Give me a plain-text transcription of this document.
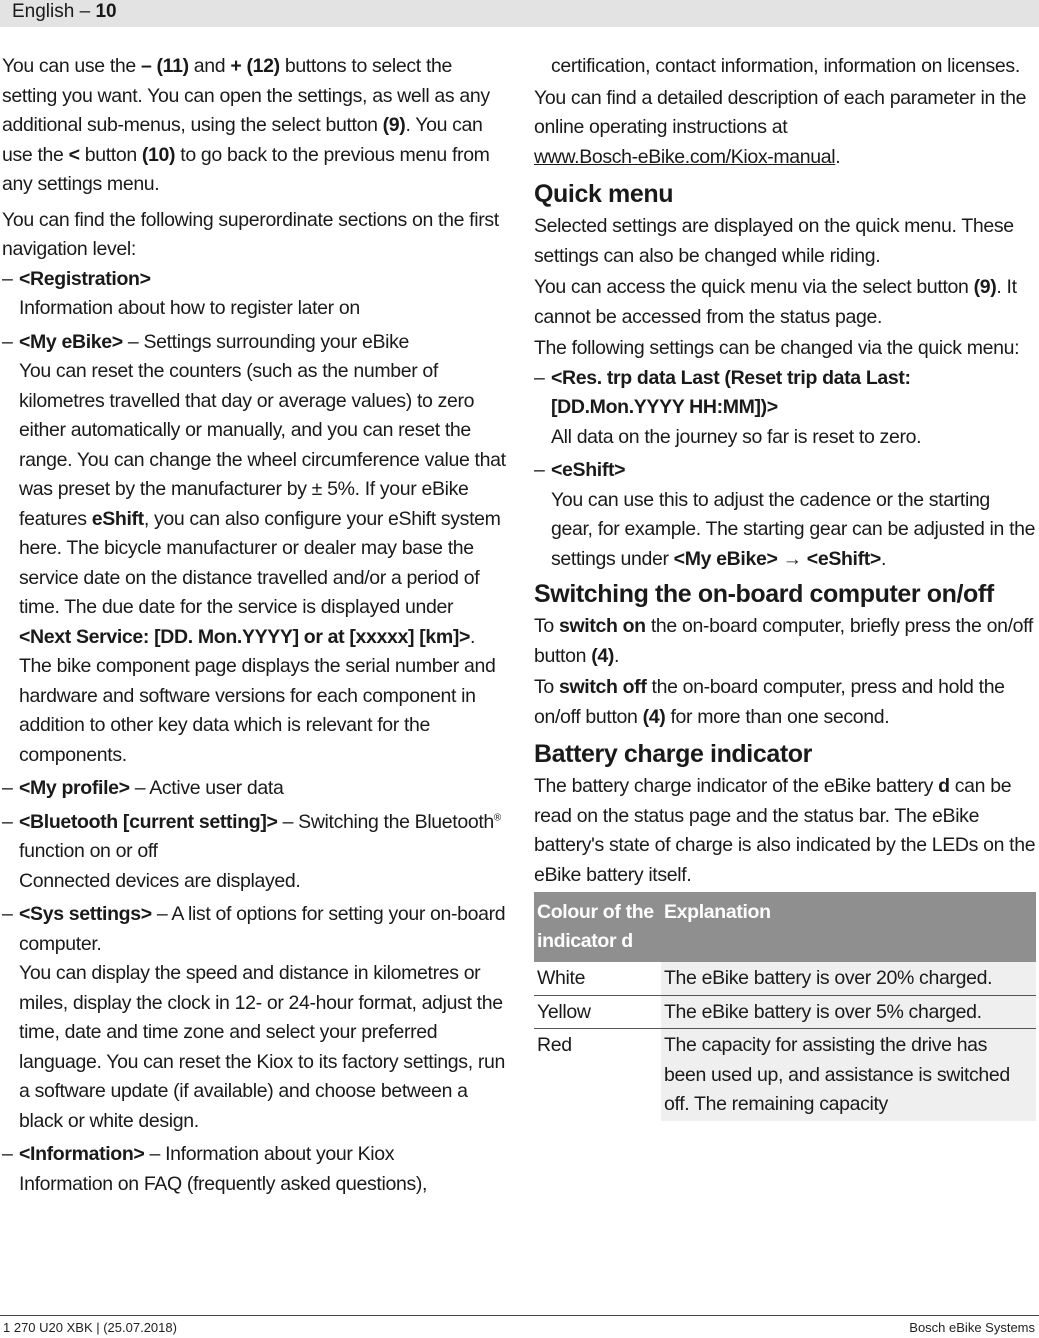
English – 10

You can use the – (11) and + (12) buttons to select the setting you want. You can open the settings, as well as any additional sub-menus, using the select button (9). You can use the < button (10) to go back to the previous menu from any settings menu.

You can find the following superordinate sections on the first navigation level:

– <Registration>
Information about how to register later on
– <My eBike> – Settings surrounding your eBike
You can reset the counters (such as the number of kilometres travelled that day or average values) to zero either automatically or manually, and you can reset the range. You can change the wheel circumference value that was preset by the manufacturer by ± 5%. If your eBike features eShift, you can also configure your eShift system here. The bicycle manufacturer or dealer may base the service date on the distance travelled and/or a period of time. The due date for the service is displayed under <Next Service: [DD. Mon.YYYY] or at [xxxxx] [km]>. The bike component page displays the serial number and hardware and software versions for each component in addition to other key data which is relevant for the components.
– <My profile> – Active user data
– <Bluetooth [current setting]> – Switching the Bluetooth® function on or off
Connected devices are displayed.
– <Sys settings> – A list of options for setting your on-board computer.
You can display the speed and distance in kilometres or miles, display the clock in 12- or 24-hour format, adjust the time, date and time zone and select your preferred language. You can reset the Kiox to its factory settings, run a software update (if available) and choose between a black or white design.
– <Information> – Information about your Kiox
Information on FAQ (frequently asked questions),

certification, contact information, information on licenses.

You can find a detailed description of each parameter in the online operating instructions at
www.Bosch-eBike.com/Kiox-manual.

Quick menu

Selected settings are displayed on the quick menu. These settings can also be changed while riding.

You can access the quick menu via the select button (9). It cannot be accessed from the status page.

The following settings can be changed via the quick menu:

– <Res. trp data Last (Reset trip data Last: [DD.Mon.YYYY HH:MM])>
All data on the journey so far is reset to zero.
– <eShift>
You can use this to adjust the cadence or the starting gear, for example. The starting gear can be adjusted in the settings under <My eBike> → <eShift>.
Switching the on-board computer on/off

To switch on the on-board computer, briefly press the on/off button (4).

To switch off the on-board computer, press and hold the on/off button (4) for more than one second.

Battery charge indicator

The battery charge indicator of the eBike battery d can be read on the status page and the status bar. The eBike battery's state of charge is also indicated by the LEDs on the eBike battery itself.

Colour of the indicator d	Explanation
White	The eBike battery is over 20% charged.
Yellow	The eBike battery is over 5% charged.
Red	The capacity for assisting the drive has been used up, and assistance is switched off. The remaining capacity
1 270 U20 XBK | (25.07.2018)	Bosch eBike Systems
